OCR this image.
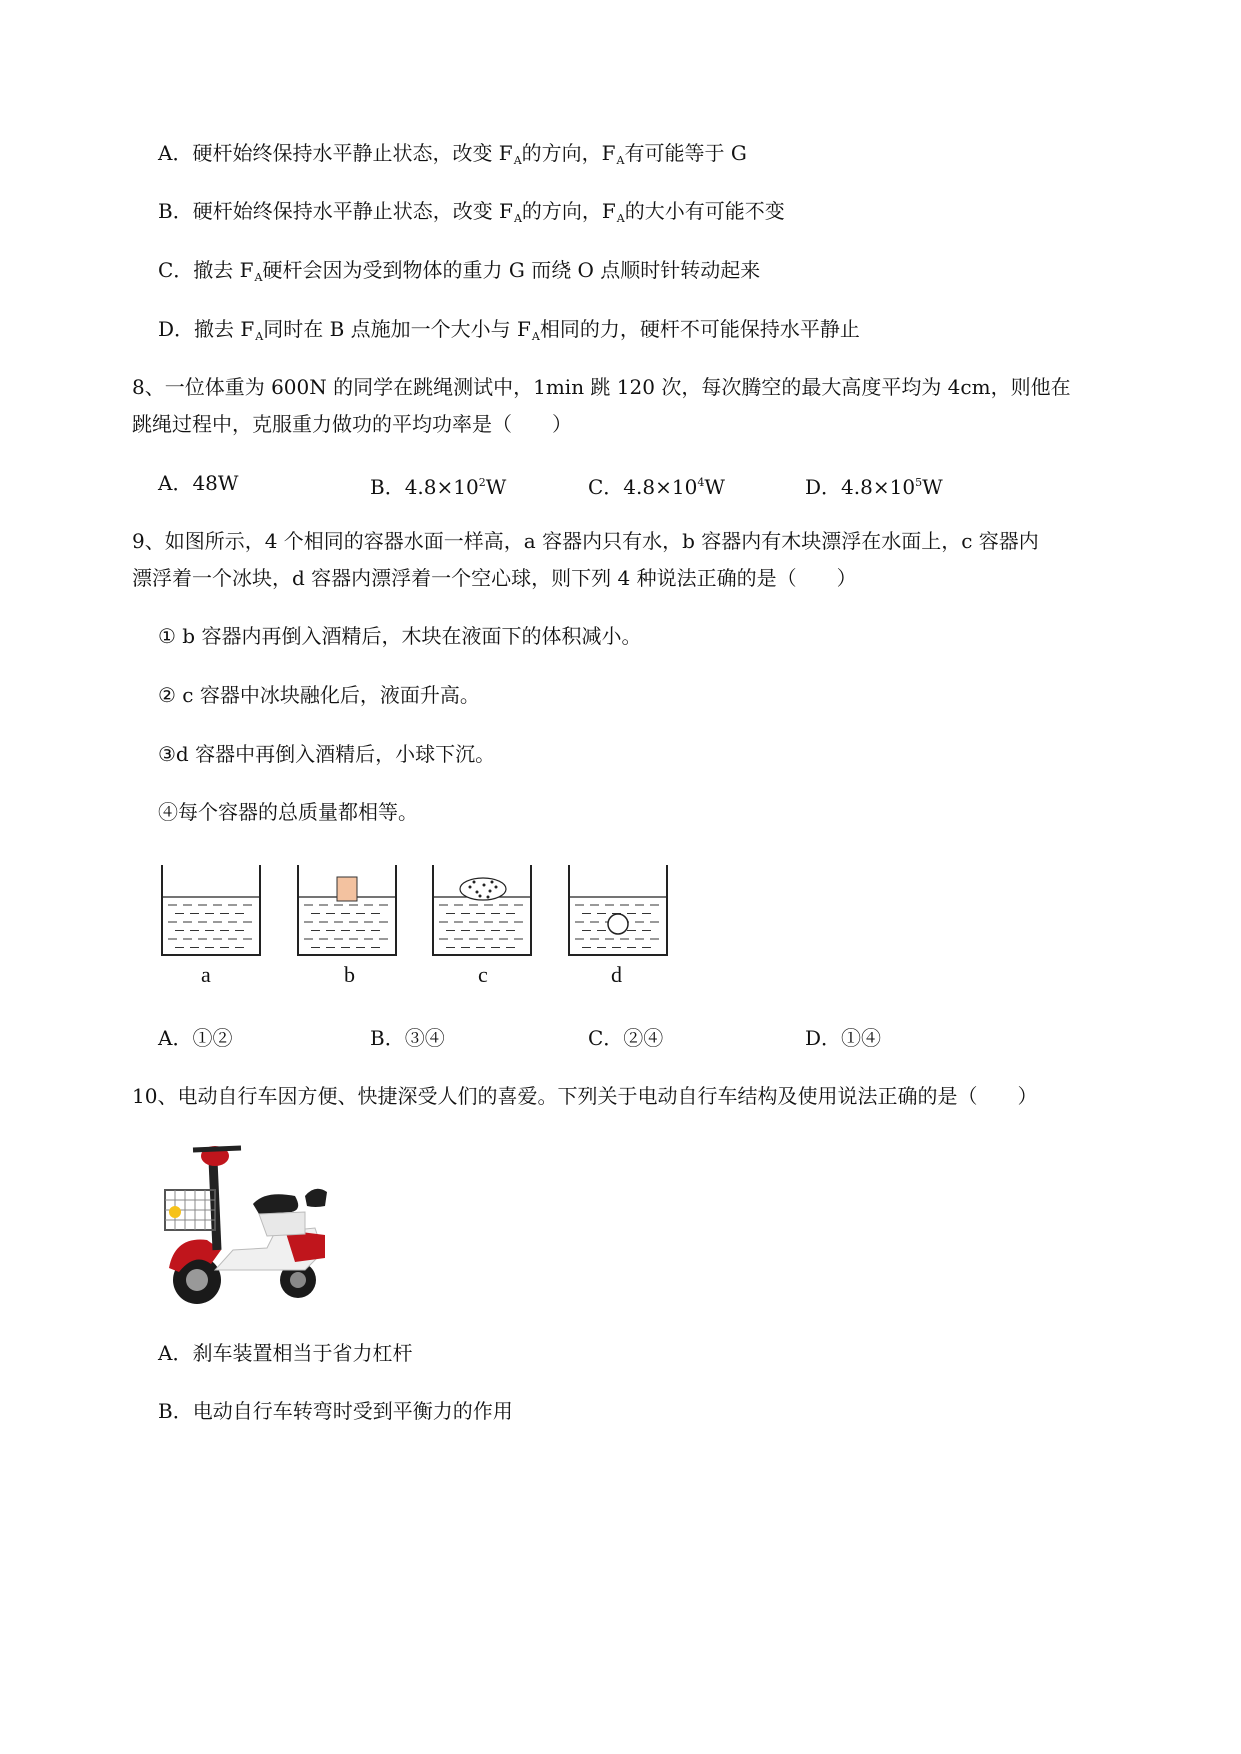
A．硬杆始终保持水平静止状态，改变 $F_A$的方向，$F_A$有可能等于 G
B．硬杆始终保持水平静止状态，改变 $F_A$的方向，$F_A$的大小有可能不变
C．撤去 $F_A$硬杆会因为受到物体的重力 G 而绕 O 点顺时针转动起来
D．撤去 $F_A$同时在 B 点施加一个大小与 $F_A$相同的力，硬杆不可能保持水平静止
8、一位体重为 600N 的同学在跳绳测试中，1min 跳 120 次，每次腾空的最大高度平均为 4cm，则他在
跳绳过程中，克服重力做功的平均功率是（　　）
A．48W	B．$4.8\times 10^2W$	C．$4.8\times 10^4W$	D．$4.8\times 10^5W$
9、如图所示，4 个相同的容器水面一样高，a 容器内只有水，b 容器内有木块漂浮在水面上，c 容器内
漂浮着一个冰块，d 容器内漂浮着一个空心球，则下列 4 种说法正确的是（　　）
① b 容器内再倒入酒精后，木块在液面下的体积减小。
② c 容器中冰块融化后，液面升高。
③d 容器中再倒入酒精后，小球下沉。
④每个容器的总质量都相等。
a	b	c	d
A．①②	B．③④	C．②④	D．①④
10、电动自行车因方便、快捷深受人们的喜爱。下列关于电动自行车结构及使用说法正确的是（　　）
A．刹车装置相当于省力杠杆
B．电动自行车转弯时受到平衡力的作用
